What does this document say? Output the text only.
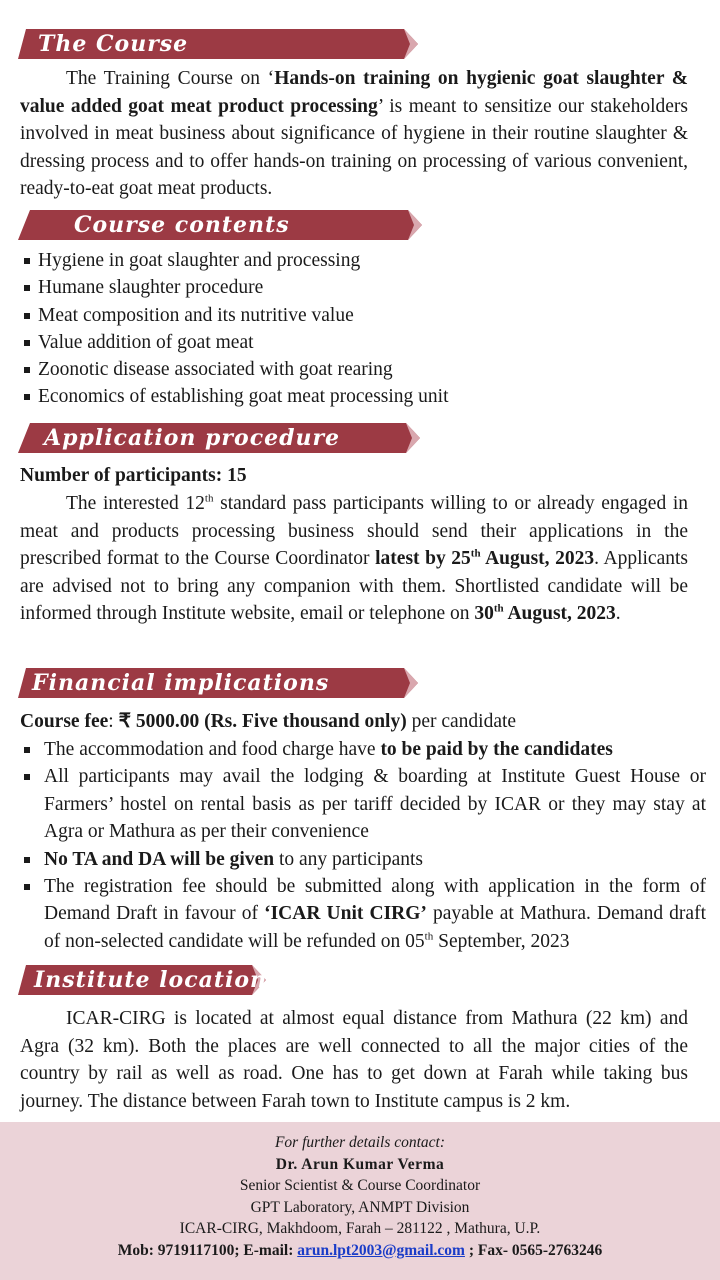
The Course
The Training Course on ‘Hands-on training on hygienic goat slaughter & value added goat meat product processing’ is meant to sensitize our stakeholders involved in meat business about significance of hygiene in their routine slaughter & dressing process and to offer hands-on training on processing of various convenient, ready-to-eat goat meat products.
Course contents
Hygiene in goat slaughter and processing
Humane slaughter procedure
Meat composition and its nutritive value
Value addition of goat meat
Zoonotic disease associated with goat rearing
Economics of establishing goat meat processing unit
Application procedure
Number of participants: 15
The interested 12th standard pass participants willing to or already engaged in meat and products processing business should send their applications in the prescribed format to the Course Coordinator latest by 25th August, 2023. Applicants are advised not to bring any companion with them. Shortlisted candidate will be informed through Institute website, email or telephone on 30th August, 2023.
Financial implications
Course fee: ₹ 5000.00 (Rs. Five thousand only) per candidate
The accommodation and food charge have to be paid by the candidates
All participants may avail the lodging & boarding at Institute Guest House or Farmers’ hostel on rental basis as per tariff decided by ICAR or they may stay at Agra or Mathura as per their convenience
No TA and DA will be given to any participants
The registration fee should be submitted along with application in the form of Demand Draft in favour of ‘ICAR Unit CIRG’ payable at Mathura. Demand draft of non-selected candidate will be refunded on 05th September, 2023
Institute location
ICAR-CIRG is located at almost equal distance from Mathura (22 km) and Agra (32 km). Both the places are well connected to all the major cities of the country by rail as well as road. One has to get down at Farah while taking bus journey. The distance between Farah town to Institute campus is 2 km.
For further details contact:
Dr. Arun Kumar Verma
Senior Scientist & Course Coordinator
GPT Laboratory, ANMPT Division
ICAR-CIRG, Makhdoom, Farah – 281122 , Mathura, U.P.
Mob: 9719117100; E-mail: arun.lpt2003@gmail.com ; Fax- 0565-2763246
